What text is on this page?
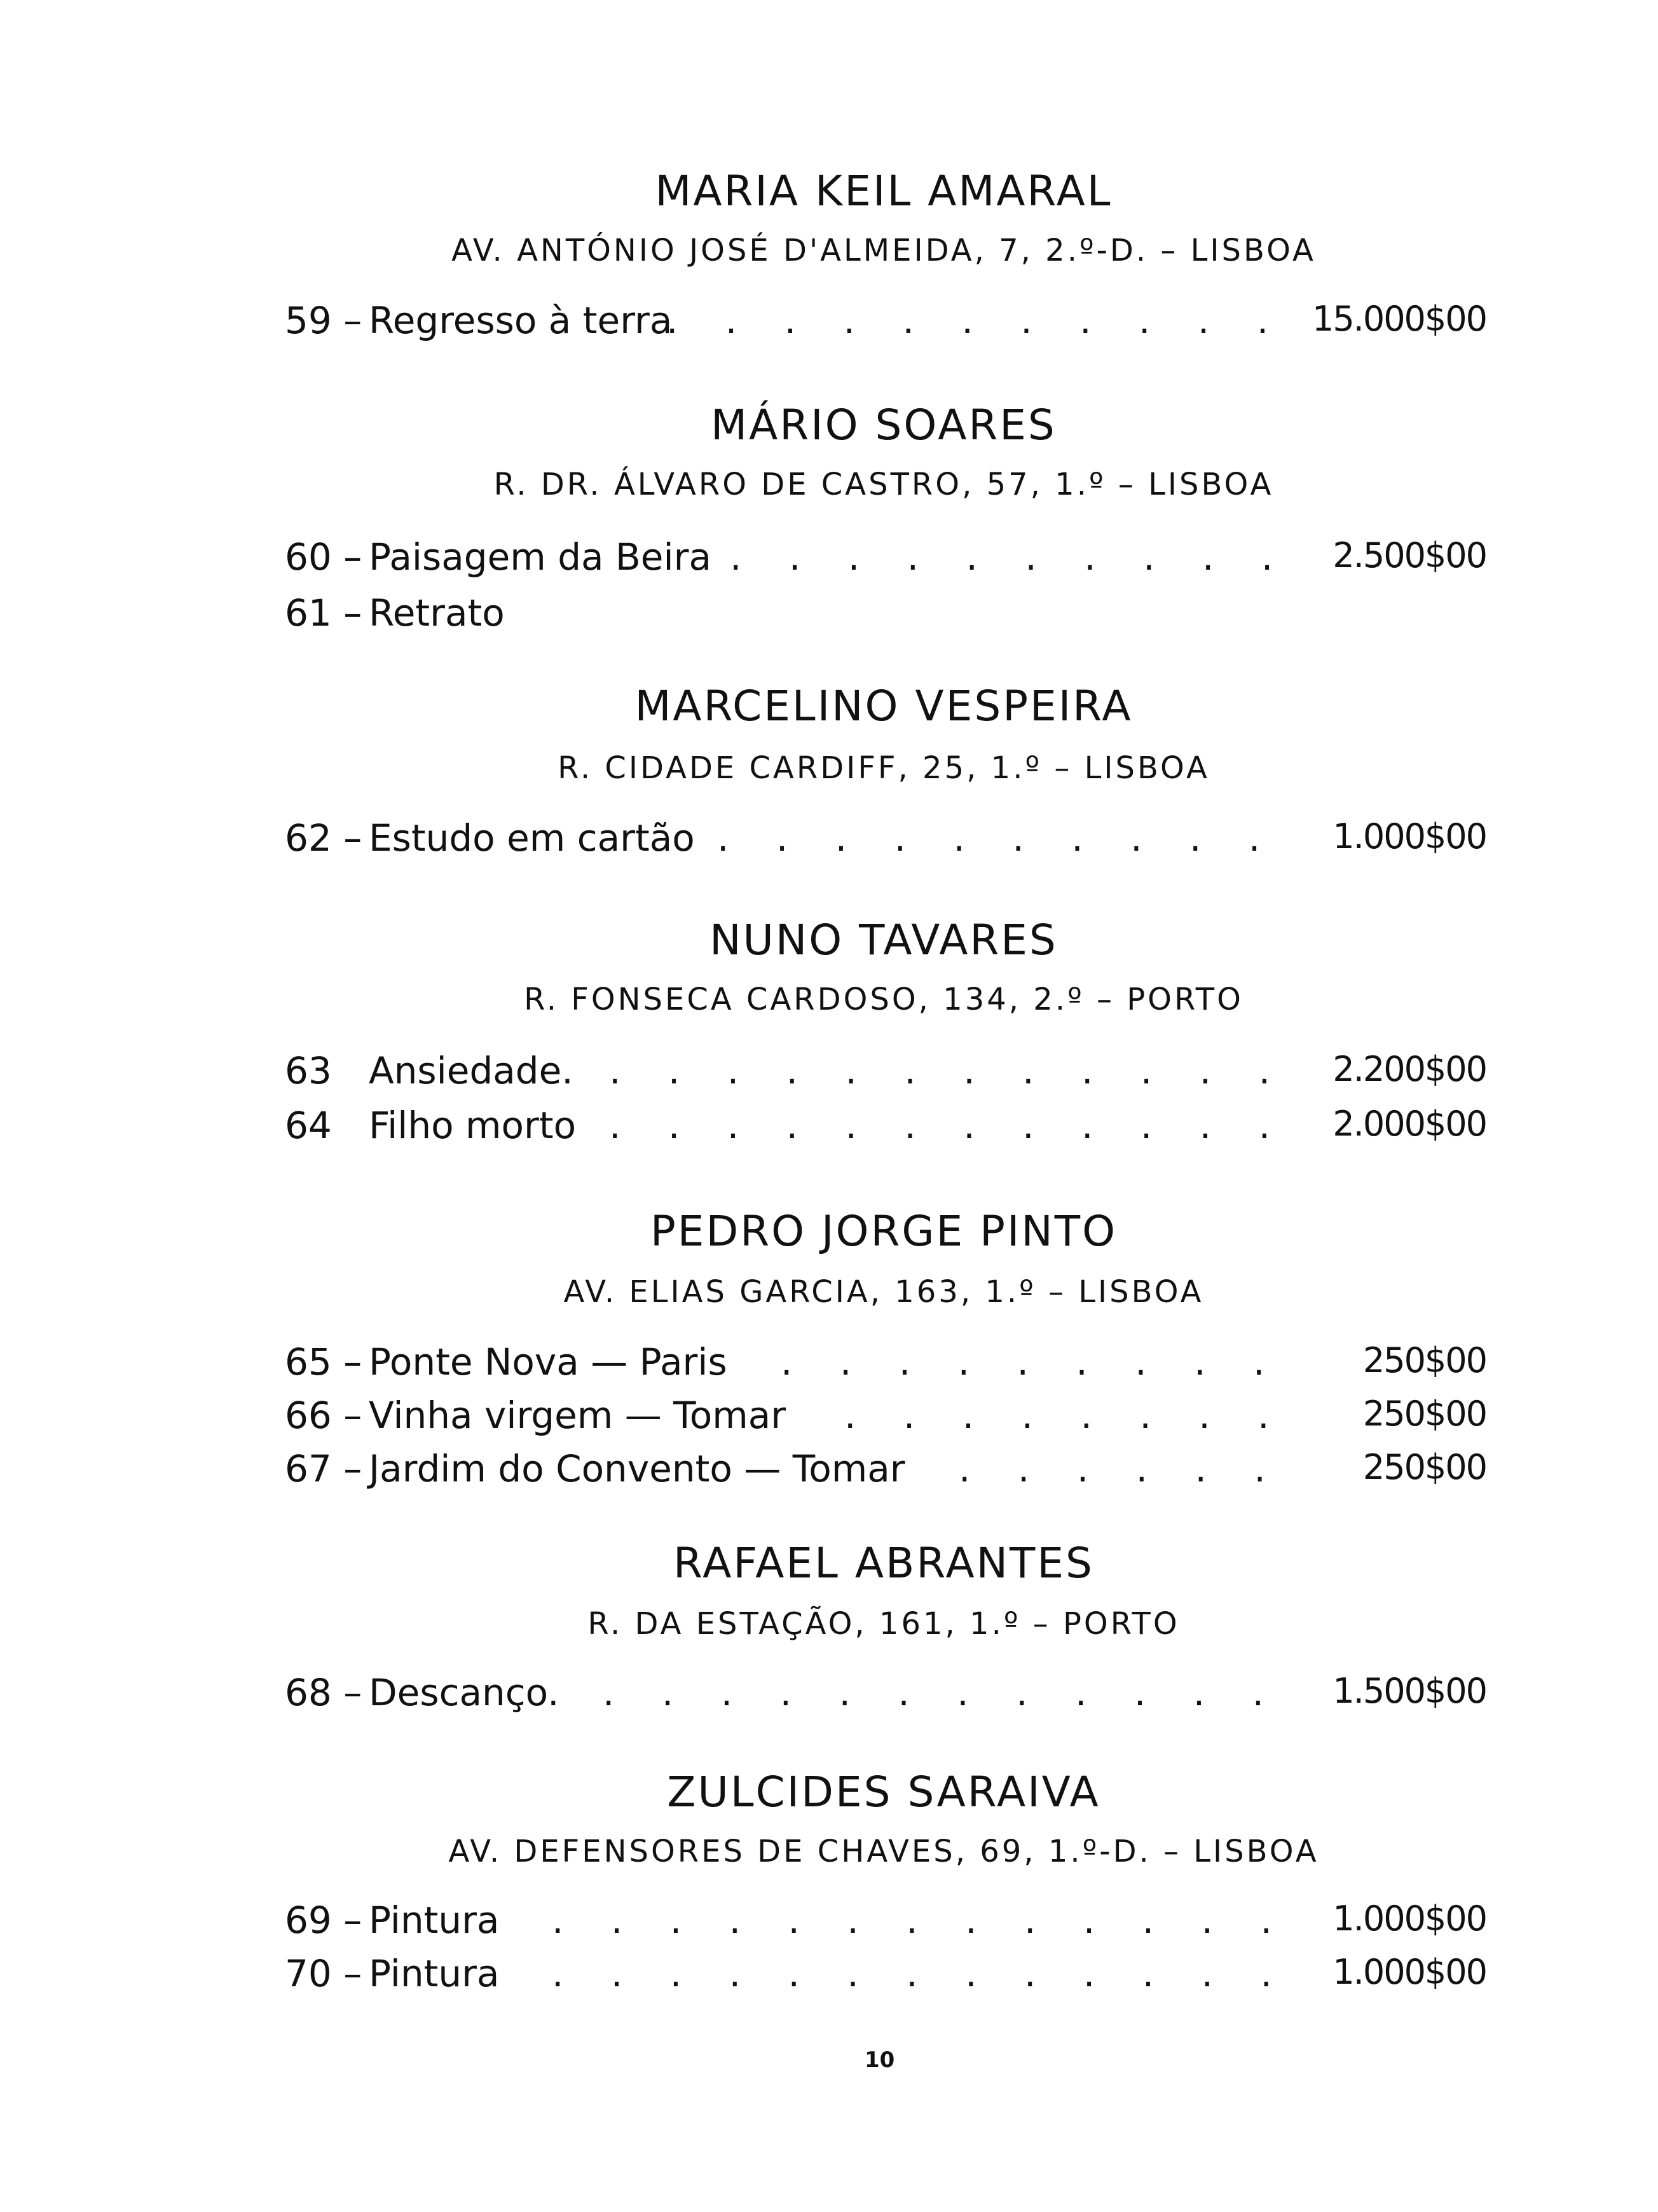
MARIA KEIL AMARAL
AV. ANTÓNIO JOSÉ D'ALMEIDA, 7, 2.º-D. – LISBOA
59 – Regresso à terra
. . . . . . . . . . . 15.000$00
MÁRIO SOARES
R. DR. ÁLVARO DE CASTRO, 57, 1.º – LISBOA
60 – Paisagem da Beira . . . . . . . . . . 2.500$00
61 – Retrato
MARCELINO VESPEIRA
R. CIDADE CARDIFF, 25, 1.º – LISBOA
62 – Estudo em cartão . . . . . . . . . . 1.000$00
NUNO TAVARES
R. FONSECA CARDOSO, 134, 2.º – PORTO
63 Ansiedade. . . . . . . . . . . . . 2.200$00
64 Filho morto . . . . . . . . . . . . 2.000$00
PEDRO JORGE PINTO
AV. ELIAS GARCIA, 163, 1.º – LISBOA
65 – Ponte Nova — Paris . . . . . . . . . 250$00
66 – Vinha virgem — Tomar . . . . . . . . 250$00
67 – Jardim do Convento — Tomar . . . . . . 250$00
RAFAEL ABRANTES
R. DA ESTAÇÃO, 161, 1.º – PORTO
68 – Descanço. . . . . . . . . . . . . 1.500$00
ZULCIDES SARAIVA
AV. DEFENSORES DE CHAVES, 69, 1.º-D. – LISBOA
69 – Pintura . . . . . . . . . . . . . 1.000$00
70 – Pintura . . . . . . . . . . . . . 1.000$00
10
